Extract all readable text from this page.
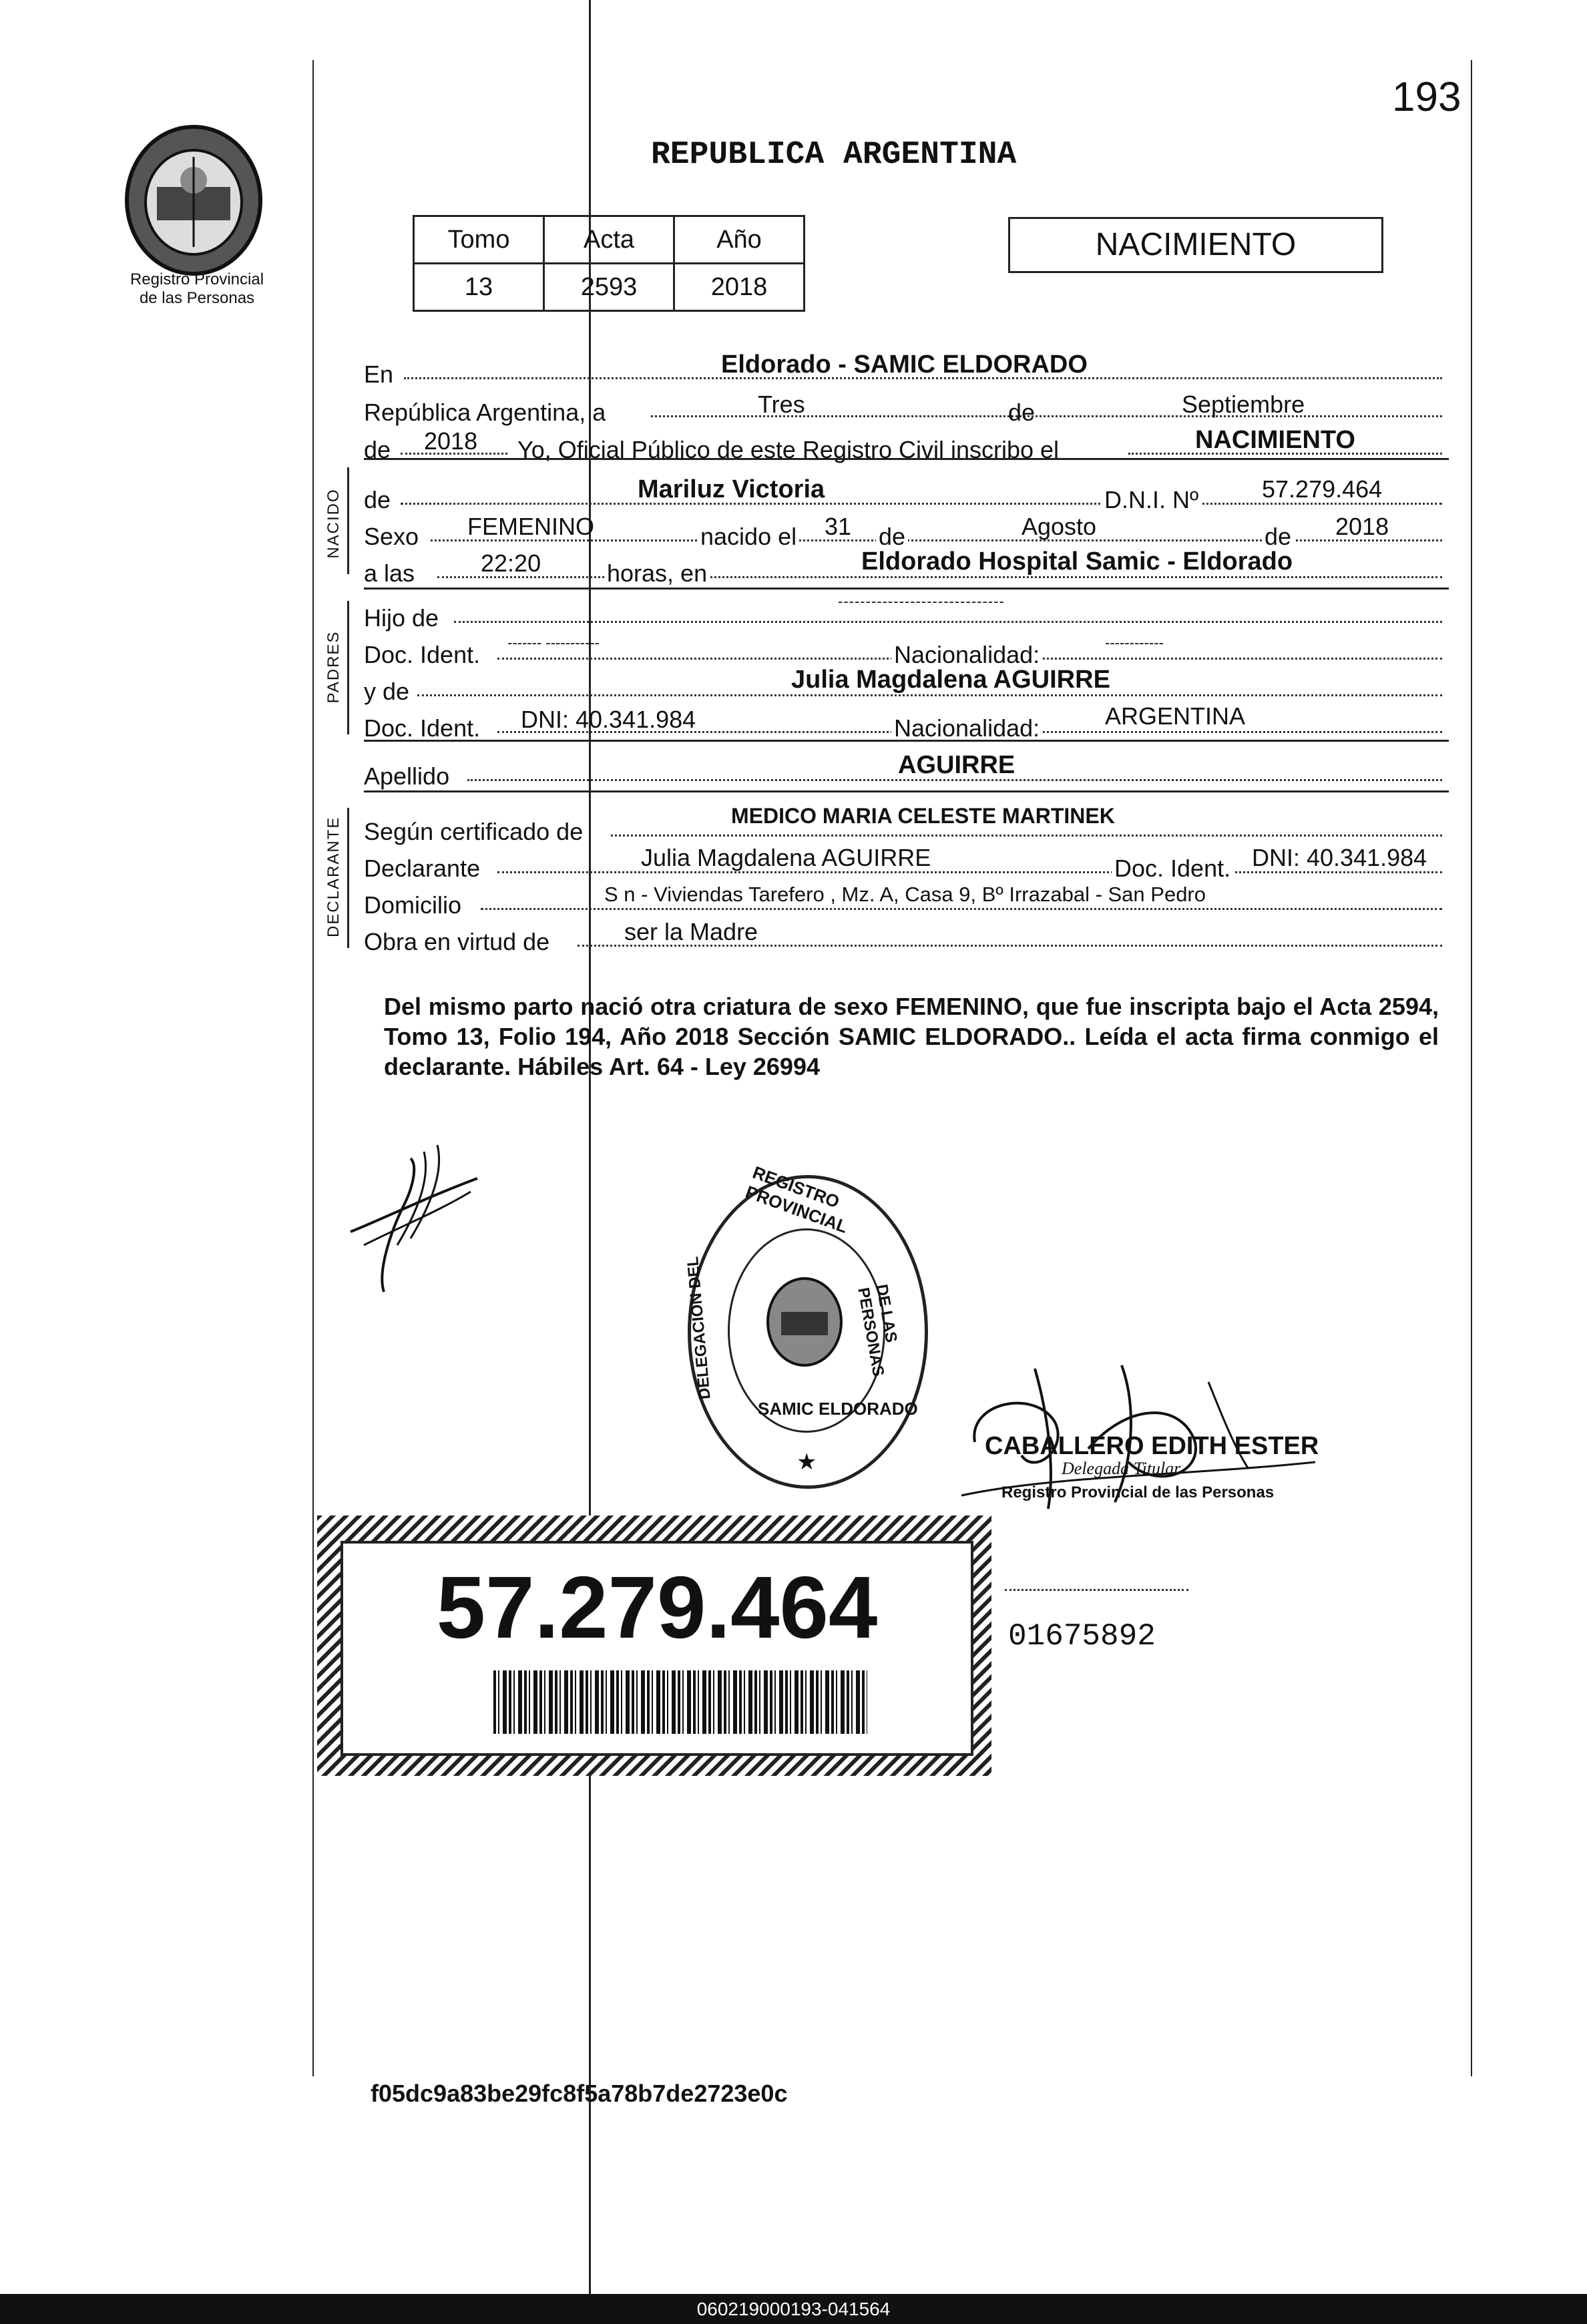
193
Registro Provincial
de las Personas
REPUBLICA ARGENTINA
Tomo	Acta	Año
13	2593	2018
NACIMIENTO
En	Eldorado - SAMIC ELDORADO
República Argentina, a	Tres	de	Septiembre
de 2018 Yo, Oficial Público de este Registro Civil inscribo el	NACIMIENTO
NACIDO de	Mariluz Victoria	D.N.I. Nº	57.279.464
Sexo FEMENINO	nacido el 31 de	Agosto	de 2018
a las	22:20	horas, en	Eldorado Hospital Samic - Eldorado
PADRES
Hijo de
------------------------------
Doc. Ident. ------- -----------	Nacionalidad:	------------
y de	Julia Magdalena AGUIRRE
Doc. Ident. DNI: 40.341.984	Nacionalidad:	ARGENTINA
Apellido	AGUIRRE
DECLARANTE Según certificado de
MEDICO MARIA CELESTE MARTINEK
Declarante	Julia Magdalena AGUIRRE	Doc. Ident. DNI: 40.341.984
Domicilio	S n - Viviendas Tarefero , Mz. A, Casa 9, Bº Irrazabal - San Pedro
Obra en virtud de	ser la Madre
Del mismo parto nació otra criatura de sexo FEMENINO, que fue inscripta bajo el Acta 2594, Tomo 13, Folio 194, Año 2018 Sección SAMIC ELDORADO.. Leída el acta firma conmigo el declarante. Hábiles Art. 64 - Ley 26994
REGISTRO PROVINCIAL
DELEGACION DEL	DE LAS PERSONAS
SAMIC ELDORADO
★
CABALLERO EDITH ESTER
Delegada Titular
Registro Provincial de las Personas
57.279.464	01675892
f05dc9a83be29fc8f5a78b7de2723e0c
060219000193-041564
